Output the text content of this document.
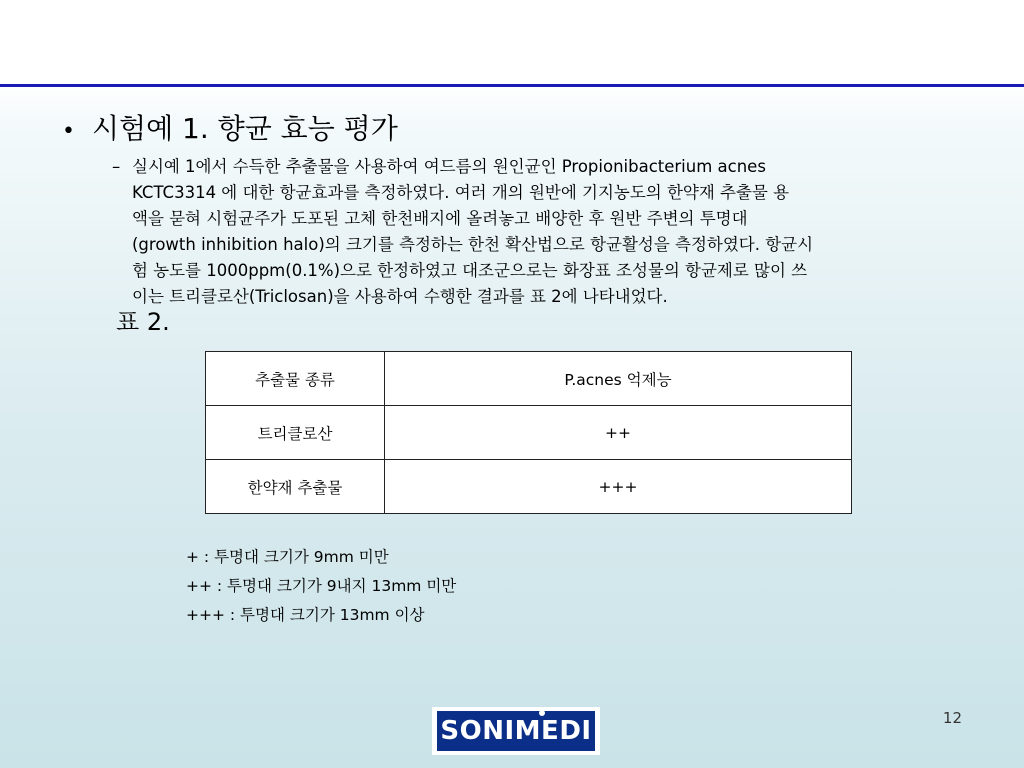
• 시험예 1. 향균 효능 평가
– 실시예 1에서 수득한 추출물을 사용하여 여드름의 원인균인 Propionibacterium acnes
KCTC3314 에 대한 항균효과를 측정하였다. 여러 개의 원반에 기지농도의 한약재 추출물 용
액을 묻혀 시험균주가 도포된 고체 한천배지에 올려놓고 배양한 후 원반 주변의 투명대
(growth inhibition halo)의 크기를 측정하는 한천 확산법으로 항균활성을 측정하였다. 항균시
험 농도를 1000ppm(0.1%)으로 한정하였고 대조군으로는 화장표 조성물의 항균제로 많이 쓰
이는 트리클로산(Triclosan)을 사용하여 수행한 결과를 표 2에 나타내었다.
표 2.
추출물 종류	P.acnes 억제능
트리클로산	++
한약재 추출물	+++
+ : 투명대 크기가 9mm 미만
++ : 투명대 크기가 9내지 13mm 미만
+++ : 투명대 크기가 13mm 이상
SONIMEDI	12
